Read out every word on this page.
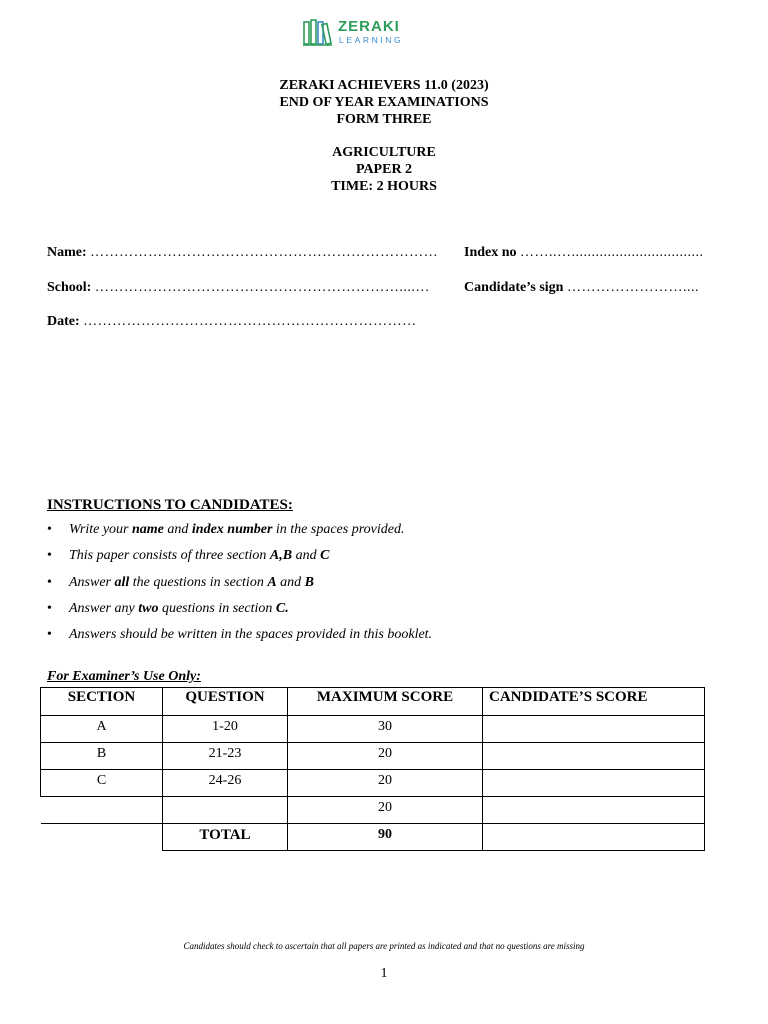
ZERAKI
LEARNING
ZERAKI ACHIEVERS 11.0 (2023)
END OF YEAR EXAMINATIONS
FORM THREE
AGRICULTURE
PAPER 2
TIME: 2 HOURS
Name: ……………………………………………………………… Index no ……..….................................
School: ………………………………………………………....… Candidate’s sign ……………………....
Date: ……………………………………………………………
INSTRUCTIONS TO CANDIDATES:
• Write your name and index number in the spaces provided.
• This paper consists of three section A,B and C
• Answer all the questions in section A and B
• Answer any two questions in section C.
• Answers should be written in the spaces provided in this booklet.
For Examiner’s Use Only:
SECTION	QUESTION	MAXIMUM SCORE	CANDIDATE’S SCORE
A	1-20	30	
B	21-23	20	
C	24-26	20	
		20	
	TOTAL	90	
Candidates should check to ascertain that all papers are printed as indicated and that no questions are missing
1
